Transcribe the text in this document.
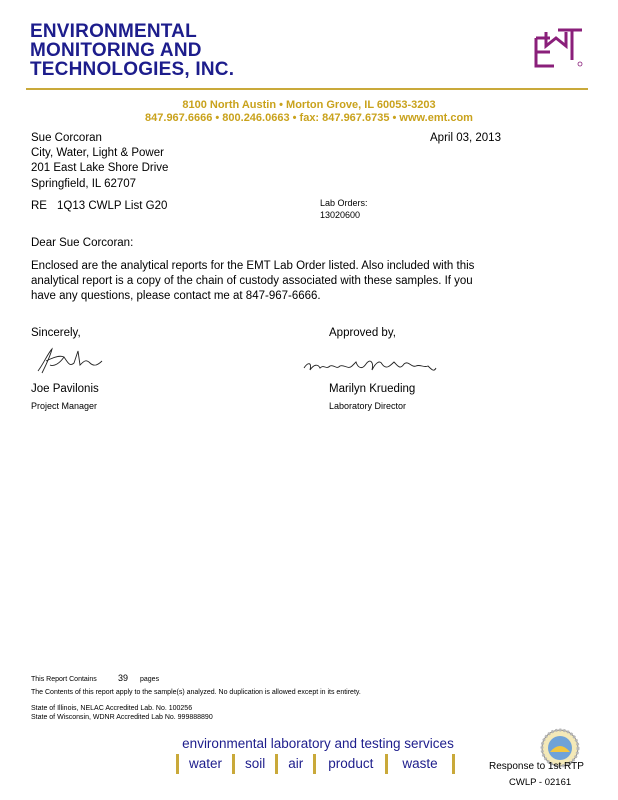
ENVIRONMENTAL
MONITORING AND
TECHNOLOGIES, INC.
8100 North Austin • Morton Grove, IL 60053-3203
847.967.6666 • 800.246.0663 • fax: 847.967.6735 • www.emt.com
Sue Corcoran
City, Water, Light & Power
201 East Lake Shore Drive
Springfield, IL 62707
April 03, 2013
RE 1Q13 CWLP List G20	Lab Orders:
13020600
Dear Sue Corcoran:
Enclosed are the analytical reports for the EMT Lab Order listed. Also included with this
analytical report is a copy of the chain of custody associated with these samples. If you
have any questions, please contact me at 847-967-6666.
Sincerely,	Approved by,
Joe Pavilonis
Project Manager
Marilyn Krueding
Laboratory Director
This Report Contains 39 pages
The Contents of this report apply to the sample(s) analyzed. No duplication is allowed except in its entirety.
State of Illinois, NELAC Accredited Lab. No. 100256
State of Wisconsin, WDNR Accredited Lab No. 999888890
environmental laboratory and testing services
water	soil	air	product	waste	Response to 1st RTP
CWLP - 02161
